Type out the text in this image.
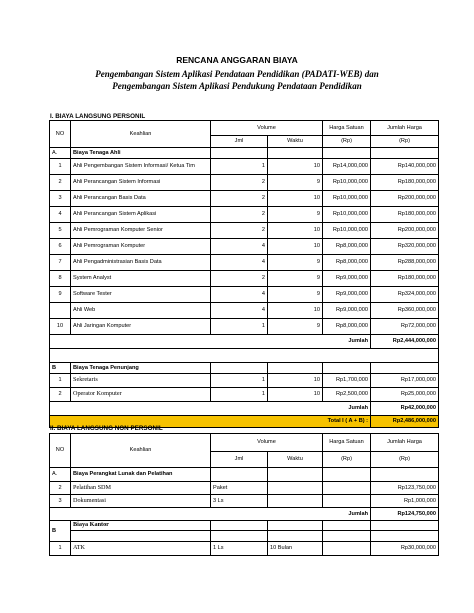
RENCANA ANGGARAN BIAYA
Pengembangan Sistem Aplikasi Pendataan Pendidikan (PADATI-WEB) dan
Pengembangan Sistem Aplikasi Pendukung Pendataan Pendidikan
I. BIAYA LANGSUNG PERSONIL
NO	Keahlian	Volume		Harga Satuan	Jumlah Harga
		Jml	Waktu	(Rp)	(Rp)
A.	Biaya Tenaga Ahli				
1	Ahli Pengembangan Sistem Informasi/ Ketua Tim	1	10	Rp14,000,000	Rp140,000,000
2	Ahli Perancangan Sistem Informasi	2	9	Rp10,000,000	Rp180,000,000
3	Ahli Perancangan Basis Data	2	10	Rp10,000,000	Rp200,000,000
4	Ahli Perancangan Sistem Aplikasi	2	9	Rp10,000,000	Rp180,000,000
5	Ahli Pemrograman Komputer Senior	2	10	Rp10,000,000	Rp200,000,000
6	Ahli Pemrograman Komputer	4	10	Rp8,000,000	Rp320,000,000
7	Ahli Pengadministrasian Basis Data	4	9	Rp8,000,000	Rp288,000,000
8	System Analyst	2	9	Rp9,000,000	Rp180,000,000
9	Software Tester	4	9	Rp9,000,000	Rp324,000,000
	Ahli Web	4	10	Rp9,000,000	Rp360,000,000
10	Ahli Jaringan Komputer	1	9	Rp8,000,000	Rp72,000,000
Jumlah					Rp2,444,000,000

B	Biaya Tenaga Penunjang				
1	Sekretaris	1	10	Rp1,700,000	Rp17,000,000
2	Operator Komputer	1	10	Rp2,500,000	Rp25,000,000
Jumlah					Rp42,000,000
Total I ( A + B) :					Rp2,486,000,000
II. BIAYA LANGSUNG NON PERSONIL
NO	Keahlian	Volume		Harga Satuan	Jumlah Harga
		Jml	Waktu	(Rp)	(Rp)
A.	Biaya Perangkat Lunak dan Pelatihan				
2	Pelatihan SDM	Paket			Rp123,750,000
3	Dokumentasi	3 Ls			Rp1,000,000
Jumlah					Rp124,750,000
B	Biaya Kantor				

1	ATK	1 Ls	10 Bulan		Rp30,000,000
